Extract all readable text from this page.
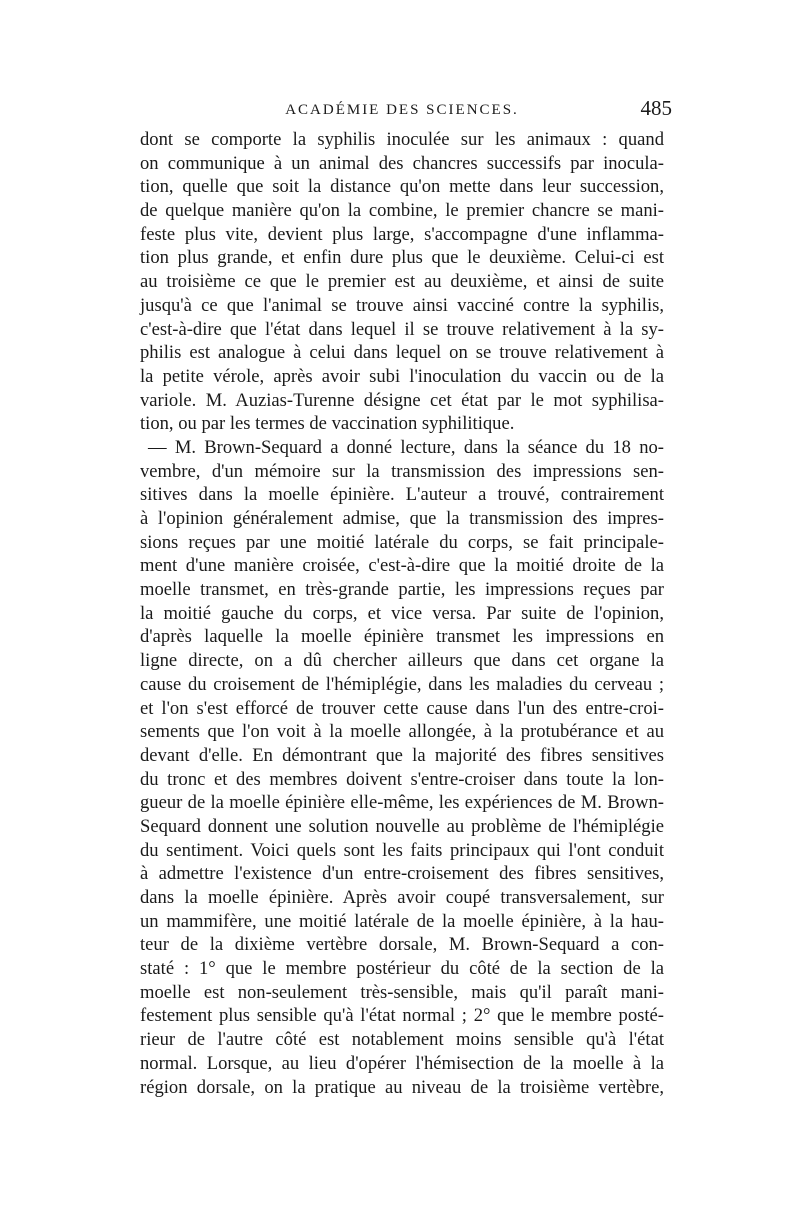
ACADÉMIE DES SCIENCES.	485
dont se comporte la syphilis inoculée sur les animaux : quand
on communique à un animal des chancres successifs par inocula-
tion, quelle que soit la distance qu'on mette dans leur succession,
de quelque manière qu'on la combine, le premier chancre se mani-
feste plus vite, devient plus large, s'accompagne d'une inflamma-
tion plus grande, et enfin dure plus que le deuxième. Celui-ci est
au troisième ce que le premier est au deuxième, et ainsi de suite
jusqu'à ce que l'animal se trouve ainsi vacciné contre la syphilis,
c'est-à-dire que l'état dans lequel il se trouve relativement à la sy-
philis est analogue à celui dans lequel on se trouve relativement à
la petite vérole, après avoir subi l'inoculation du vaccin ou de la
variole. M. Auzias-Turenne désigne cet état par le mot syphilisa-
tion, ou par les termes de vaccination syphilitique.
— M. Brown-Sequard a donné lecture, dans la séance du 18 no-
vembre, d'un mémoire sur la transmission des impressions sen-
sitives dans la moelle épinière. L'auteur a trouvé, contrairement
à l'opinion généralement admise, que la transmission des impres-
sions reçues par une moitié latérale du corps, se fait principale-
ment d'une manière croisée, c'est-à-dire que la moitié droite de la
moelle transmet, en très-grande partie, les impressions reçues par
la moitié gauche du corps, et vice versa. Par suite de l'opinion,
d'après laquelle la moelle épinière transmet les impressions en
ligne directe, on a dû chercher ailleurs que dans cet organe la
cause du croisement de l'hémiplégie, dans les maladies du cerveau ;
et l'on s'est efforcé de trouver cette cause dans l'un des entre-croi-
sements que l'on voit à la moelle allongée, à la protubérance et au
devant d'elle. En démontrant que la majorité des fibres sensitives
du tronc et des membres doivent s'entre-croiser dans toute la lon-
gueur de la moelle épinière elle-même, les expériences de M. Brown-
Sequard donnent une solution nouvelle au problème de l'hémiplégie
du sentiment. Voici quels sont les faits principaux qui l'ont conduit
à admettre l'existence d'un entre-croisement des fibres sensitives,
dans la moelle épinière. Après avoir coupé transversalement, sur
un mammifère, une moitié latérale de la moelle épinière, à la hau-
teur de la dixième vertèbre dorsale, M. Brown-Sequard a con-
staté : 1° que le membre postérieur du côté de la section de la
moelle est non-seulement très-sensible, mais qu'il paraît mani-
festement plus sensible qu'à l'état normal ; 2° que le membre posté-
rieur de l'autre côté est notablement moins sensible qu'à l'état
normal. Lorsque, au lieu d'opérer l'hémisection de la moelle à la
région dorsale, on la pratique au niveau de la troisième vertèbre,
